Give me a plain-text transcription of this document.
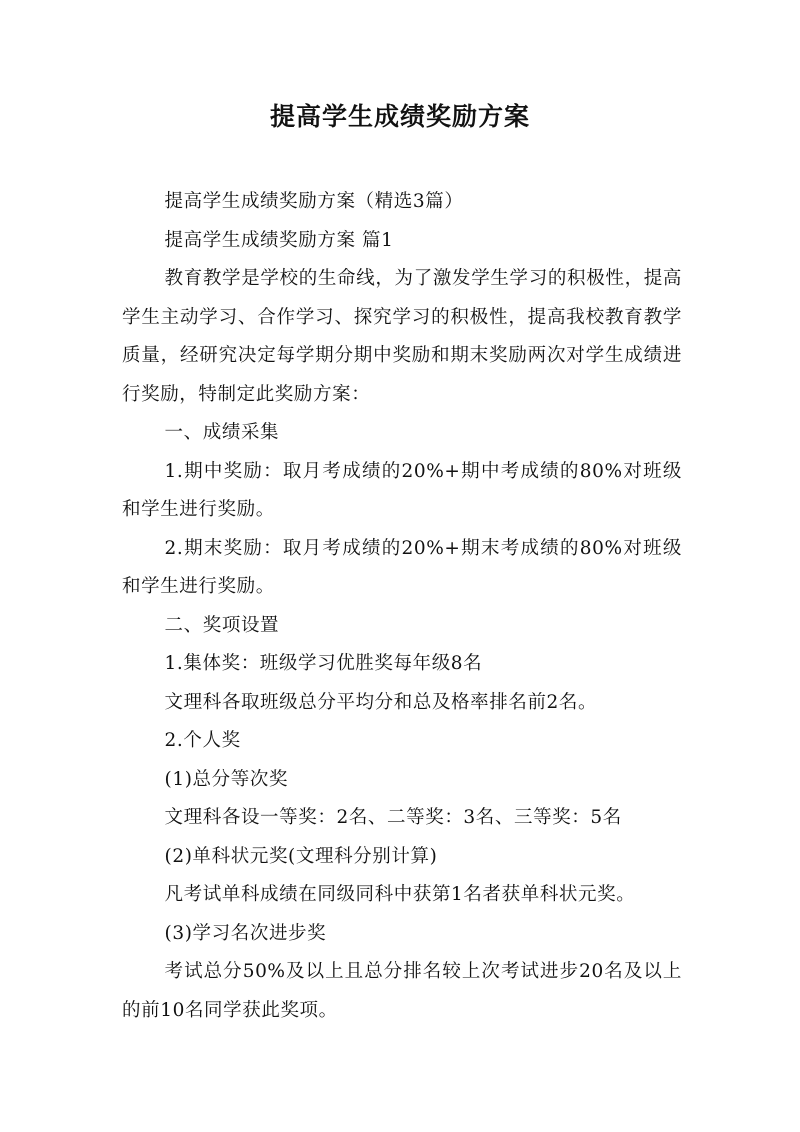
提高学生成绩奖励方案

提高学生成绩奖励方案（精选3篇）

提高学生成绩奖励方案 篇1

教育教学是学校的生命线，为了激发学生学习的积极性，提高学生主动学习、合作学习、探究学习的积极性，提高我校教育教学质量，经研究决定每学期分期中奖励和期末奖励两次对学生成绩进行奖励，特制定此奖励方案：

一、成绩采集

1.期中奖励：取月考成绩的20%+期中考成绩的80%对班级和学生进行奖励。

2.期末奖励：取月考成绩的20%+期末考成绩的80%对班级和学生进行奖励。

二、奖项设置

1.集体奖：班级学习优胜奖每年级8名

文理科各取班级总分平均分和总及格率排名前2名。

2.个人奖

(1)总分等次奖

文理科各设一等奖：2名、二等奖：3名、三等奖：5名

(2)单科状元奖(文理科分别计算)

凡考试单科成绩在同级同科中获第1名者获单科状元奖。

(3)学习名次进步奖

考试总分50%及以上且总分排名较上次考试进步20名及以上的前10名同学获此奖项。
